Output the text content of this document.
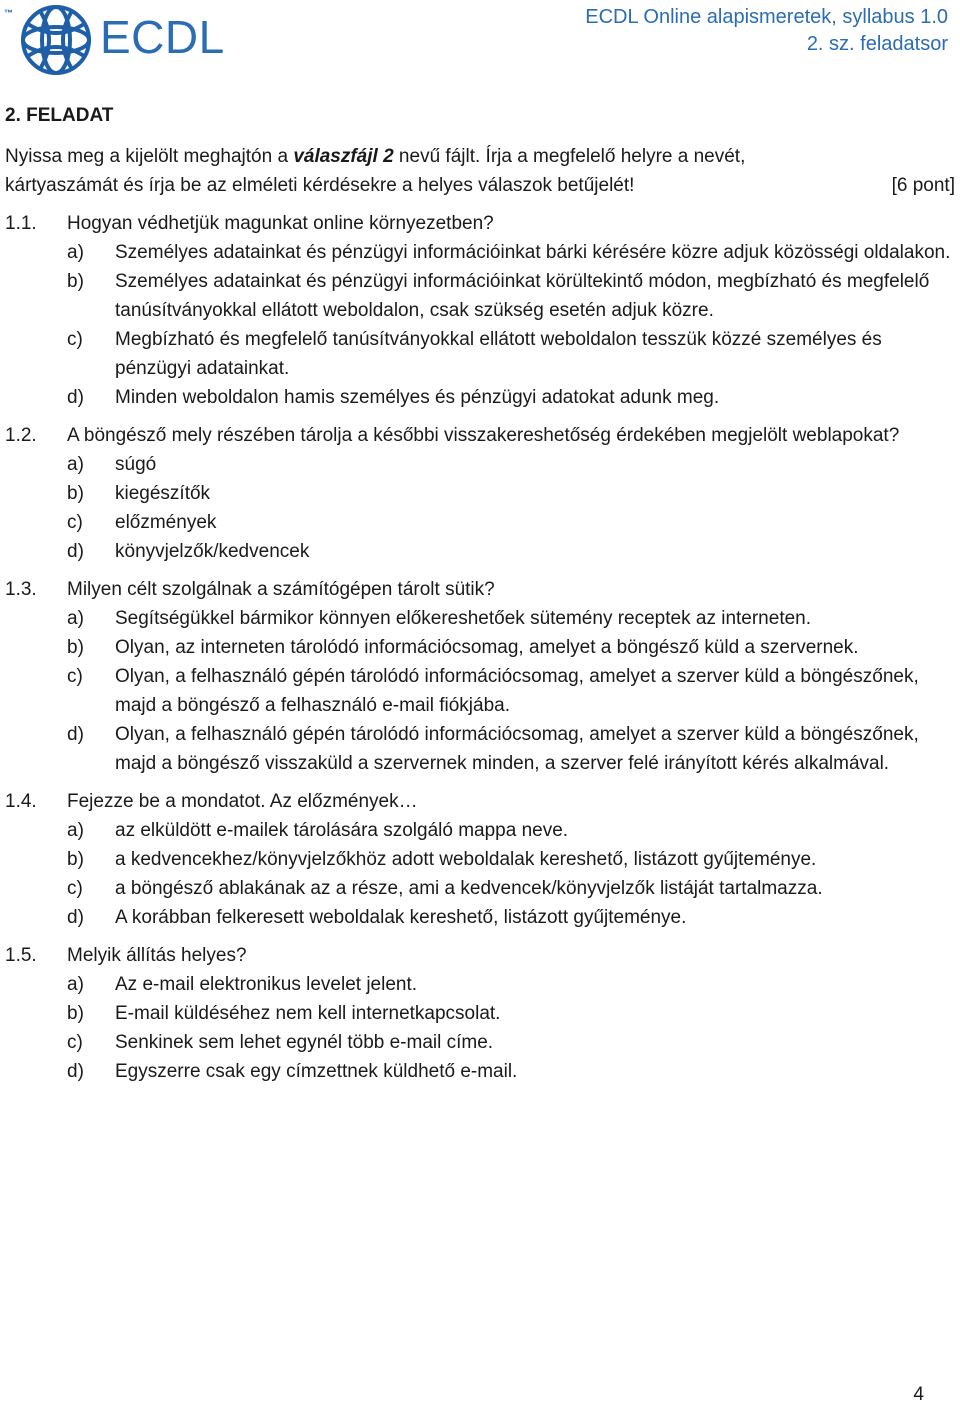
™ ECDL	ECDL Online alapismeretek, syllabus 1.0
2. sz. feladatsor
2. FELADAT
Nyissa meg a kijelölt meghajtón a válaszfájl 2 nevű fájlt. Írja a megfelelő helyre a nevét,
kártyaszámát és írja be az elméleti kérdésekre a helyes válaszok betűjelét!	[6 pont]
1.1.	Hogyan védhetjük magunkat online környezetben?
a)	Személyes adatainkat és pénzügyi információinkat bárki kérésére közre adjuk közösségi oldalakon.
b)	Személyes adatainkat és pénzügyi információinkat körültekintő módon, megbízható és megfelelő tanúsítványokkal ellátott weboldalon, csak szükség esetén adjuk közre.
c)	Megbízható és megfelelő tanúsítványokkal ellátott weboldalon tesszük közzé személyes és pénzügyi adatainkat.
d)	Minden weboldalon hamis személyes és pénzügyi adatokat adunk meg.
1.2.	A böngésző mely részében tárolja a későbbi visszakereshetőség érdekében megjelölt weblapokat?
a)	súgó
b)	kiegészítők
c)	előzmények
d)	könyvjelzők/kedvencek
1.3.	Milyen célt szolgálnak a számítógépen tárolt sütik?
a)	Segítségükkel bármikor könnyen előkereshetőek sütemény receptek az interneten.
b)	Olyan, az interneten tárolódó információcsomag, amelyet a böngésző küld a szervernek.
c)	Olyan, a felhasználó gépén tárolódó információcsomag, amelyet a szerver küld a böngészőnek, majd a böngésző a felhasználó e-mail fiókjába.
d)	Olyan, a felhasználó gépén tárolódó információcsomag, amelyet a szerver küld a böngészőnek, majd a böngésző visszaküld a szervernek minden, a szerver felé irányított kérés alkalmával.
1.4.	Fejezze be a mondatot. Az előzmények…
a)	az elküldött e-mailek tárolására szolgáló mappa neve.
b)	a kedvencekhez/könyvjelzőkhöz adott weboldalak kereshető, listázott gyűjteménye.
c)	a böngésző ablakának az a része, ami a kedvencek/könyvjelzők listáját tartalmazza.
d)	A korábban felkeresett weboldalak kereshető, listázott gyűjteménye.
1.5.	Melyik állítás helyes?
a)	Az e-mail elektronikus levelet jelent.
b)	E-mail küldéséhez nem kell internetkapcsolat.
c)	Senkinek sem lehet egynél több e-mail címe.
d)	Egyszerre csak egy címzettnek küldhető e-mail.
4
